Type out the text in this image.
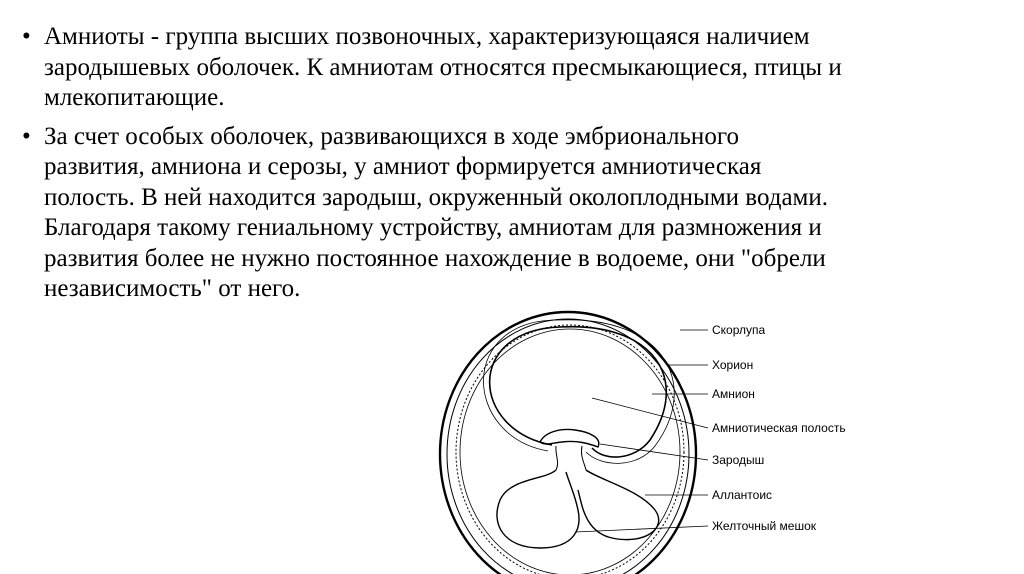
• Амниоты - группа высших позвоночных, характеризующаяся наличием
зародышевых оболочек. К амниотам относятся пресмыкающиеся, птицы и
млекопитающие.
• За счет особых оболочек, развивающихся в ходе эмбрионального
развития, амниона и серозы, у амниот формируется амниотическая
полость. В ней находится зародыш, окруженный околоплодными водами.
Благодаря такому гениальному устройству, амниотам для размножения и
развития более не нужно постоянное нахождение в водоеме, они "обрели
независимость" от него.
Скорлупа
Хорион
Амнион
Амниотическая полость
Зародыш
Аллантоис
Желточный мешок
